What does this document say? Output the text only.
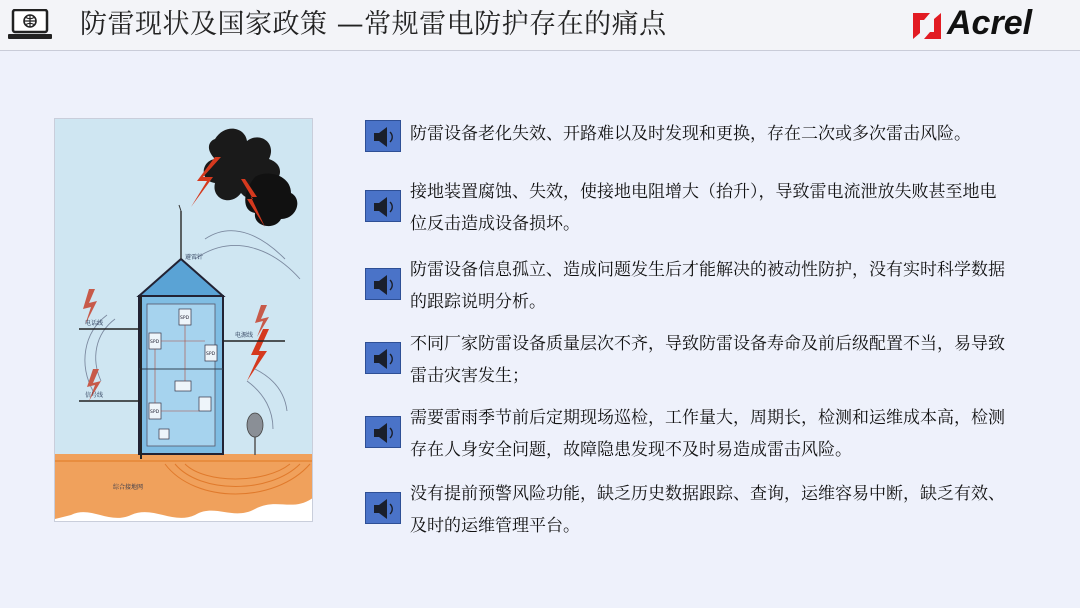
防雷现状及国家政策 —常规雷电防护存在的痛点	Acrel
SPD
SPD
SPD
SPD
避雷针
电话线
电源线
信号线
综合接地网
防雷设备老化失效、开路难以及时发现和更换，存在二次或多次雷击风险。
接地装置腐蚀、失效，使接地电阻增大（抬升），导致雷电流泄放失败甚至地电位反击造成设备损坏。
防雷设备信息孤立、造成问题发生后才能解决的被动性防护，没有实时科学数据的跟踪说明分析。
不同厂家防雷设备质量层次不齐，导致防雷设备寿命及前后级配置不当，易导致雷击灾害发生；
需要雷雨季节前后定期现场巡检，工作量大，周期长，检测和运维成本高，检测存在人身安全问题，故障隐患发现不及时易造成雷击风险。
没有提前预警风险功能，缺乏历史数据跟踪、查询，运维容易中断，缺乏有效、及时的运维管理平台。
